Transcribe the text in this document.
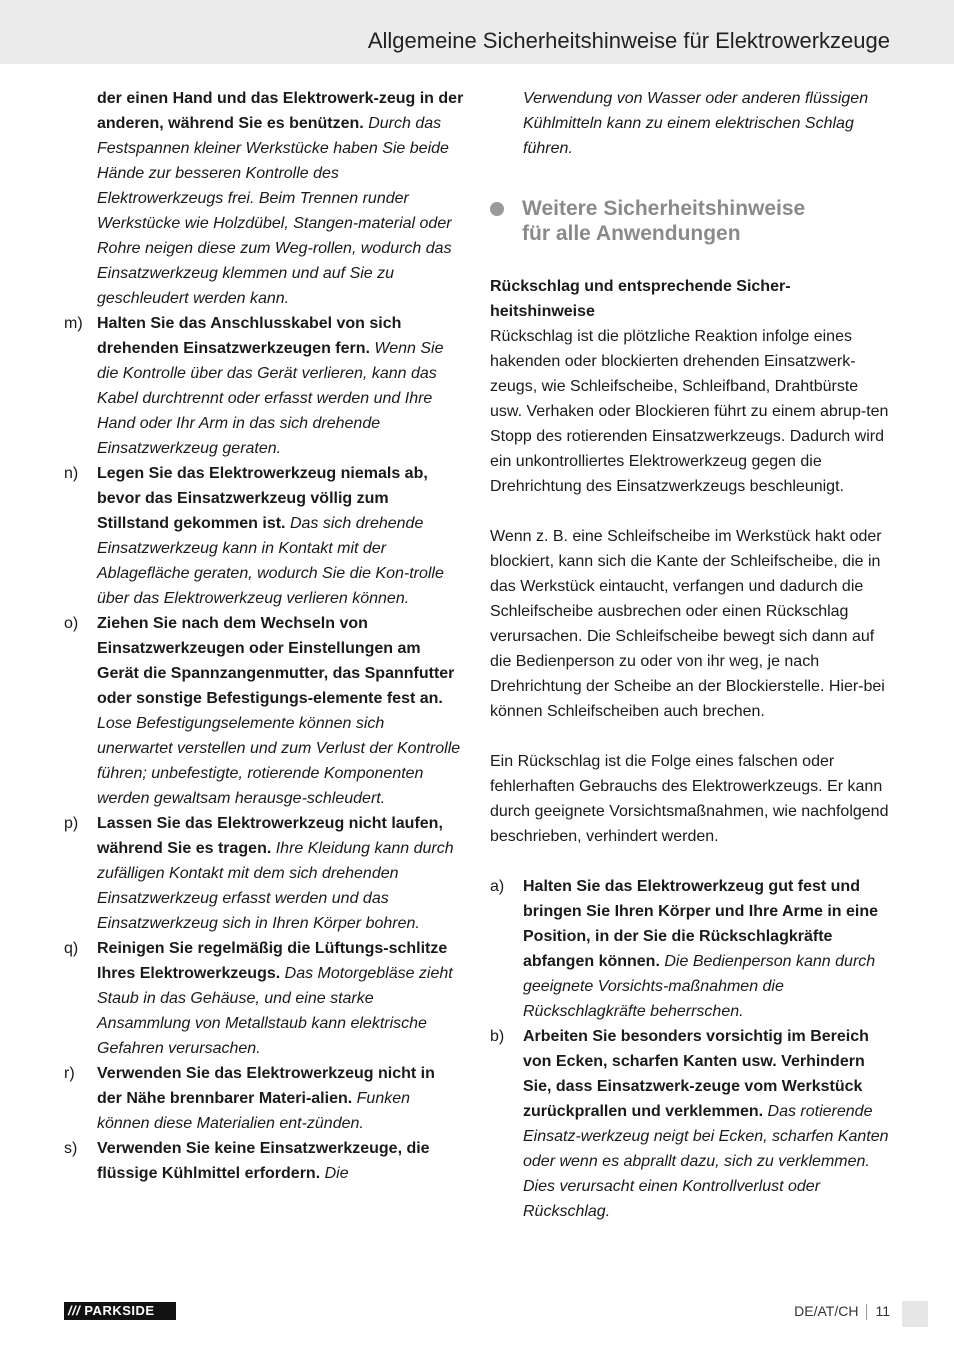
Allgemeine Sicherheitshinweise für Elektrowerkzeuge
der einen Hand und das Elektrowerk-zeug in der anderen, während Sie es benützen. Durch das Festspannen kleiner Werkstücke haben Sie beide Hände zur besseren Kontrolle des Elektrowerkzeugs frei. Beim Trennen runder Werkstücke wie Holzdübel, Stangen-material oder Rohre neigen diese zum Weg-rollen, wodurch das Einsatzwerkzeug klemmen und auf Sie zu geschleudert werden kann.
m) Halten Sie das Anschlusskabel von sich drehenden Einsatzwerkzeugen fern. Wenn Sie die Kontrolle über das Gerät verlieren, kann das Kabel durchtrennt oder erfasst werden und Ihre Hand oder Ihr Arm in das sich drehende Einsatzwerkzeug geraten.
n) Legen Sie das Elektrowerkzeug niemals ab, bevor das Einsatzwerkzeug völlig zum Stillstand gekommen ist. Das sich drehende Einsatzwerkzeug kann in Kontakt mit der Ablagefläche geraten, wodurch Sie die Kon-trolle über das Elektrowerkzeug verlieren können.
o) Ziehen Sie nach dem Wechseln von Einsatzwerkzeugen oder Einstellungen am Gerät die Spannzangenmutter, das Spannfutter oder sonstige Befestigungs-elemente fest an. Lose Befestigungselemente können sich unerwartet verstellen und zum Verlust der Kontrolle führen; unbefestigte, rotierende Komponenten werden gewaltsam herausge-schleudert.
p) Lassen Sie das Elektrowerkzeug nicht laufen, während Sie es tragen. Ihre Kleidung kann durch zufälligen Kontakt mit dem sich drehenden Einsatzwerkzeug erfasst werden und das Einsatzwerkzeug sich in Ihren Körper bohren.
q) Reinigen Sie regelmäßig die Lüftungs-schlitze Ihres Elektrowerkzeugs. Das Motorgebläse zieht Staub in das Gehäuse, und eine starke Ansammlung von Metallstaub kann elektrische Gefahren verursachen.
r) Verwenden Sie das Elektrowerkzeug nicht in der Nähe brennbarer Materi-alien. Funken können diese Materialien ent-zünden.
s) Verwenden Sie keine Einsatzwerkzeuge, die flüssige Kühlmittel erfordern. Die
Verwendung von Wasser oder anderen flüssigen Kühlmitteln kann zu einem elektrischen Schlag führen.
Weitere Sicherheitshinweise
für alle Anwendungen
Rückschlag und entsprechende Sicher-heitshinweise

Rückschlag ist die plötzliche Reaktion infolge eines hakenden oder blockierten drehenden Einsatzwerk-zeugs, wie Schleifscheibe, Schleifband, Drahtbürste usw. Verhaken oder Blockieren führt zu einem abrup-ten Stopp des rotierenden Einsatzwerkzeugs. Dadurch wird ein unkontrolliertes Elektrowerkzeug gegen die Drehrichtung des Einsatzwerkzeugs beschleunigt.

Wenn z. B. eine Schleifscheibe im Werkstück hakt oder blockiert, kann sich die Kante der Schleifscheibe, die in das Werkstück eintaucht, verfangen und dadurch die Schleifscheibe ausbrechen oder einen Rückschlag verursachen. Die Schleifscheibe bewegt sich dann auf die Bedienperson zu oder von ihr weg, je nach Drehrichtung der Scheibe an der Blockierstelle. Hier-bei können Schleifscheiben auch brechen.

Ein Rückschlag ist die Folge eines falschen oder fehlerhaften Gebrauchs des Elektrowerkzeugs. Er kann durch geeignete Vorsichtsmaßnahmen, wie nachfolgend beschrieben, verhindert werden.

a) Halten Sie das Elektrowerkzeug gut fest und bringen Sie Ihren Körper und Ihre Arme in eine Position, in der Sie die Rückschlagkräfte abfangen können. Die Bedienperson kann durch geeignete Vorsichts-maßnahmen die Rückschlagkräfte beherrschen.
b) Arbeiten Sie besonders vorsichtig im Bereich von Ecken, scharfen Kanten usw. Verhindern Sie, dass Einsatzwerk-zeuge vom Werkstück zurückprallen und verklemmen. Das rotierende Einsatz-werkzeug neigt bei Ecken, scharfen Kanten oder wenn es abprallt dazu, sich zu verklemmen. Dies verursacht einen Kontrollverlust oder Rückschlag.
/// PARKSIDE	DE/AT/CH 11
